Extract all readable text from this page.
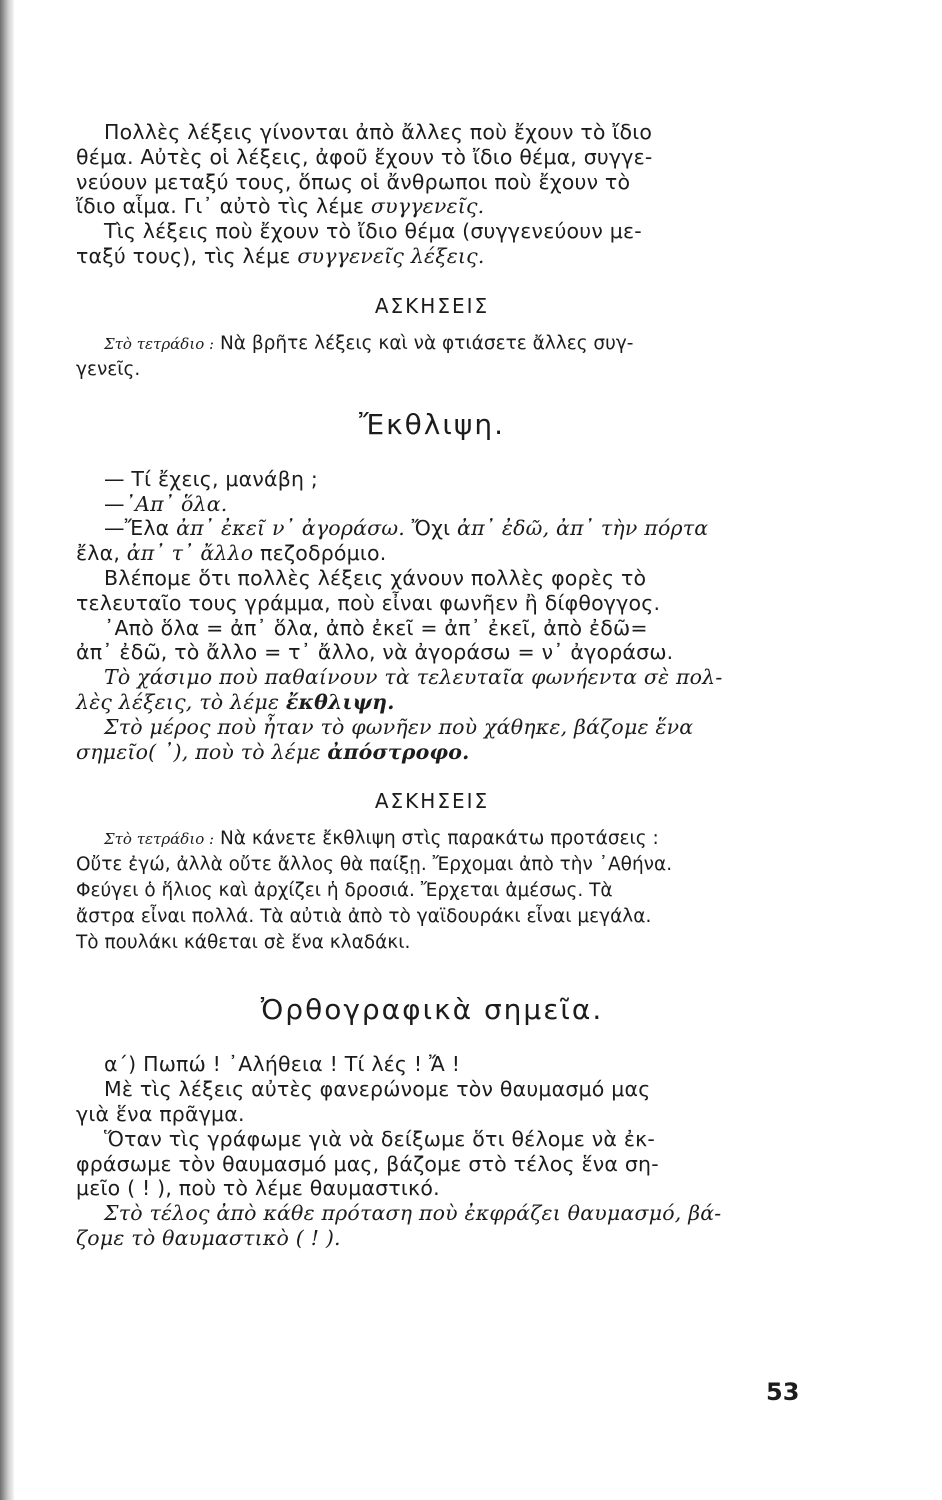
Πολλὲς λέξεις γίνονται ἀπὸ ἄλλες ποὺ ἔχουν τὸ ἴδιο
θέμα. Αὐτὲς οἱ λέξεις, ἀφοῦ ἔχουν τὸ ἴδιο θέμα, συγγε-
νεύουν μεταξύ τους, ὅπως οἱ ἄνθρωποι ποὺ ἔχουν τὸ
ἴδιο αἷμα. Γι᾿ αὐτὸ τὶς λέμε συγγενεῖς.
Τὶς λέξεις ποὺ ἔχουν τὸ ἴδιο θέμα (συγγενεύουν με-
ταξύ τους), τὶς λέμε συγγενεῖς λέξεις.
ΑΣΚΗΣΕΙΣ
Στὸ τετράδιο : Νὰ βρῆτε λέξεις καὶ νὰ φτιάσετε ἄλλες συγ-
γενεῖς.
Ἔκθλιψη.
— Τί ἔχεις, μανάβη ;
—᾿Απ᾿ ὅλα.
—Ἔλα ἀπ᾿ ἐκεῖ ν᾿ ἀγοράσω. Ὄχι ἀπ᾿ ἐδῶ, ἀπ᾿ τὴν πόρτα
ἔλα, ἀπ᾿ τ᾿ ἄλλο πεζοδρόμιο.
Βλέπομε ὅτι πολλὲς λέξεις χάνουν πολλὲς φορὲς τὸ
τελευταῖο τους γράμμα, ποὺ εἶναι φωνῆεν ἢ δίφθογγος.
᾿Απὸ ὅλα = ἀπ᾿ ὅλα, ἀπὸ ἐκεῖ = ἀπ᾿ ἐκεῖ, ἀπὸ ἐδῶ=
ἀπ᾿ ἐδῶ, τὸ ἄλλο = τ᾿ ἄλλο, νὰ ἀγοράσω = ν᾿ ἀγοράσω.
Τὸ χάσιμο ποὺ παθαίνουν τὰ τελευταῖα φωνήεντα σὲ πολ-
λὲς λέξεις, τὸ λέμε ἔκθλιψη.
Στὸ μέρος ποὺ ἦταν τὸ φωνῆεν ποὺ χάθηκε, βάζομε ἕνα
σημεῖο( ᾿), ποὺ τὸ λέμε ἀπόστροφο.
ΑΣΚΗΣΕΙΣ
Στὸ τετράδιο : Νὰ κάνετε ἔκθλιψη στὶς παρακάτω προτάσεις :
Οὔτε ἐγώ, ἀλλὰ οὔτε ἄλλος θὰ παίξῃ. Ἔρχομαι ἀπὸ τὴν ᾿Αθήνα.
Φεύγει ὁ ἥλιος καὶ ἀρχίζει ἡ δροσιά. Ἔρχεται ἀμέσως. Τὰ
ἄστρα εἶναι πολλά. Τὰ αὐτιὰ ἀπὸ τὸ γαϊδουράκι εἶναι μεγάλα.
Τὸ πουλάκι κάθεται σὲ ἕνα κλαδάκι.
Ὀρθογραφικὰ σημεῖα.
α΄) Πωπώ ! ᾿Αλήθεια ! Τί λές ! Ἄ !
Μὲ τὶς λέξεις αὐτὲς φανερώνομε τὸν θαυμασμό μας
γιὰ ἕνα πρᾶγμα.
Ὅταν τὶς γράφωμε γιὰ νὰ δείξωμε ὅτι θέλομε νὰ ἐκ-
φράσωμε τὸν θαυμασμό μας, βάζομε στὸ τέλος ἕνα ση-
μεῖο ( ! ), ποὺ τὸ λέμε θαυμαστικό.
Στὸ τέλος ἀπὸ κάθε πρόταση ποὺ ἐκφράζει θαυμασμό, βά-
ζομε τὸ θαυμαστικὸ ( ! ).
53
